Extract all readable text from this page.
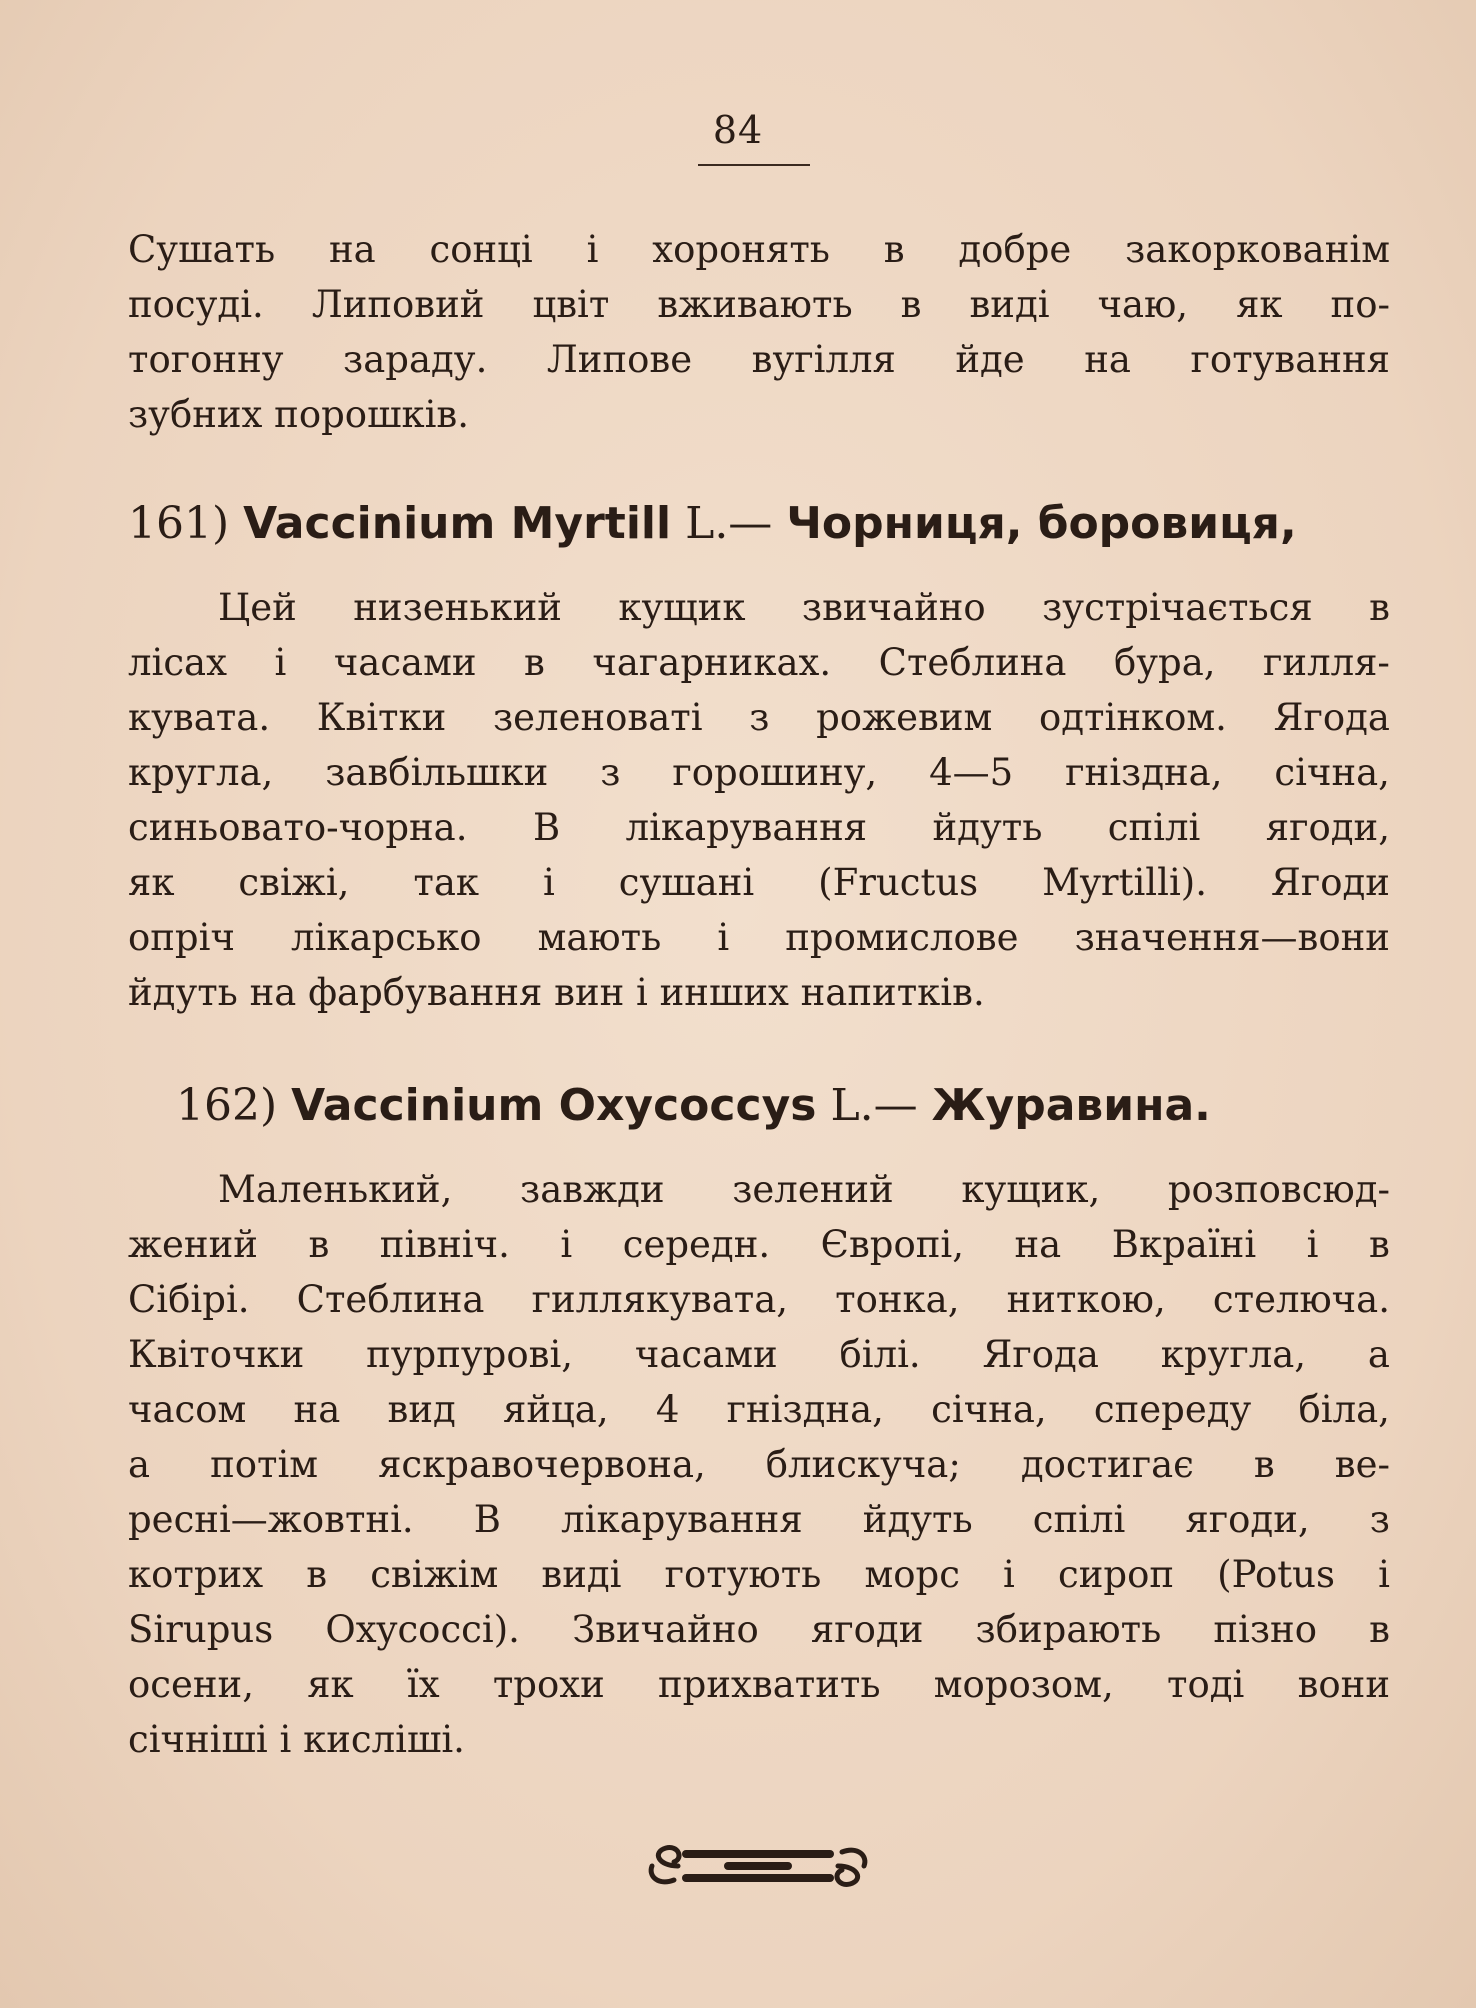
84
Сушать на сонці і хоронять в добре закоркованім
посуді. Липовий цвіт вживають в виді чаю, як по-
тогонну зараду. Липове вугілля йде на готування
зубних порошків.
161) Vaccinium Myrtill L.— Чорниця, боровиця,
Цей низенький кущик звичайно зустрічається в
лісах і часами в чагарниках. Стеблина бура, гилля-
кувата. Квітки зеленоваті з рожевим одтінком. Ягода
кругла, завбільшки з горошину, 4—5 гніздна, січна,
синьовато-чорна. В лікарування йдуть спілі ягоди,
як свіжі, так і сушані (Fructus Myrtilli). Ягоди
опріч лікарсько мають і промислове значення—вони
йдуть на фарбування вин і инших напитків.
162) Vaccinium Oxycoccys L.— Журавина.
Маленький, завжди зелений кущик, розповсюд-
жений в північ. і середн. Європі, на Вкраїні і в
Сібірі. Стеблина гиллякувата, тонка, ниткою, стелюча.
Квіточки пурпурові, часами білі. Ягода кругла, а
часом на вид яйца, 4 гніздна, січна, спереду біла,
а потім яскравочервона, блискуча; достигає в ве-
ресні—жовтні. В лікарування йдуть спілі ягоди, з
котрих в свіжім виді готують морс і сироп (Potus і
Sirupus Oxycocci). Звичайно ягоди збирають пізно в
осени, як їх трохи прихватить морозом, тоді вони
січніші і кисліші.
